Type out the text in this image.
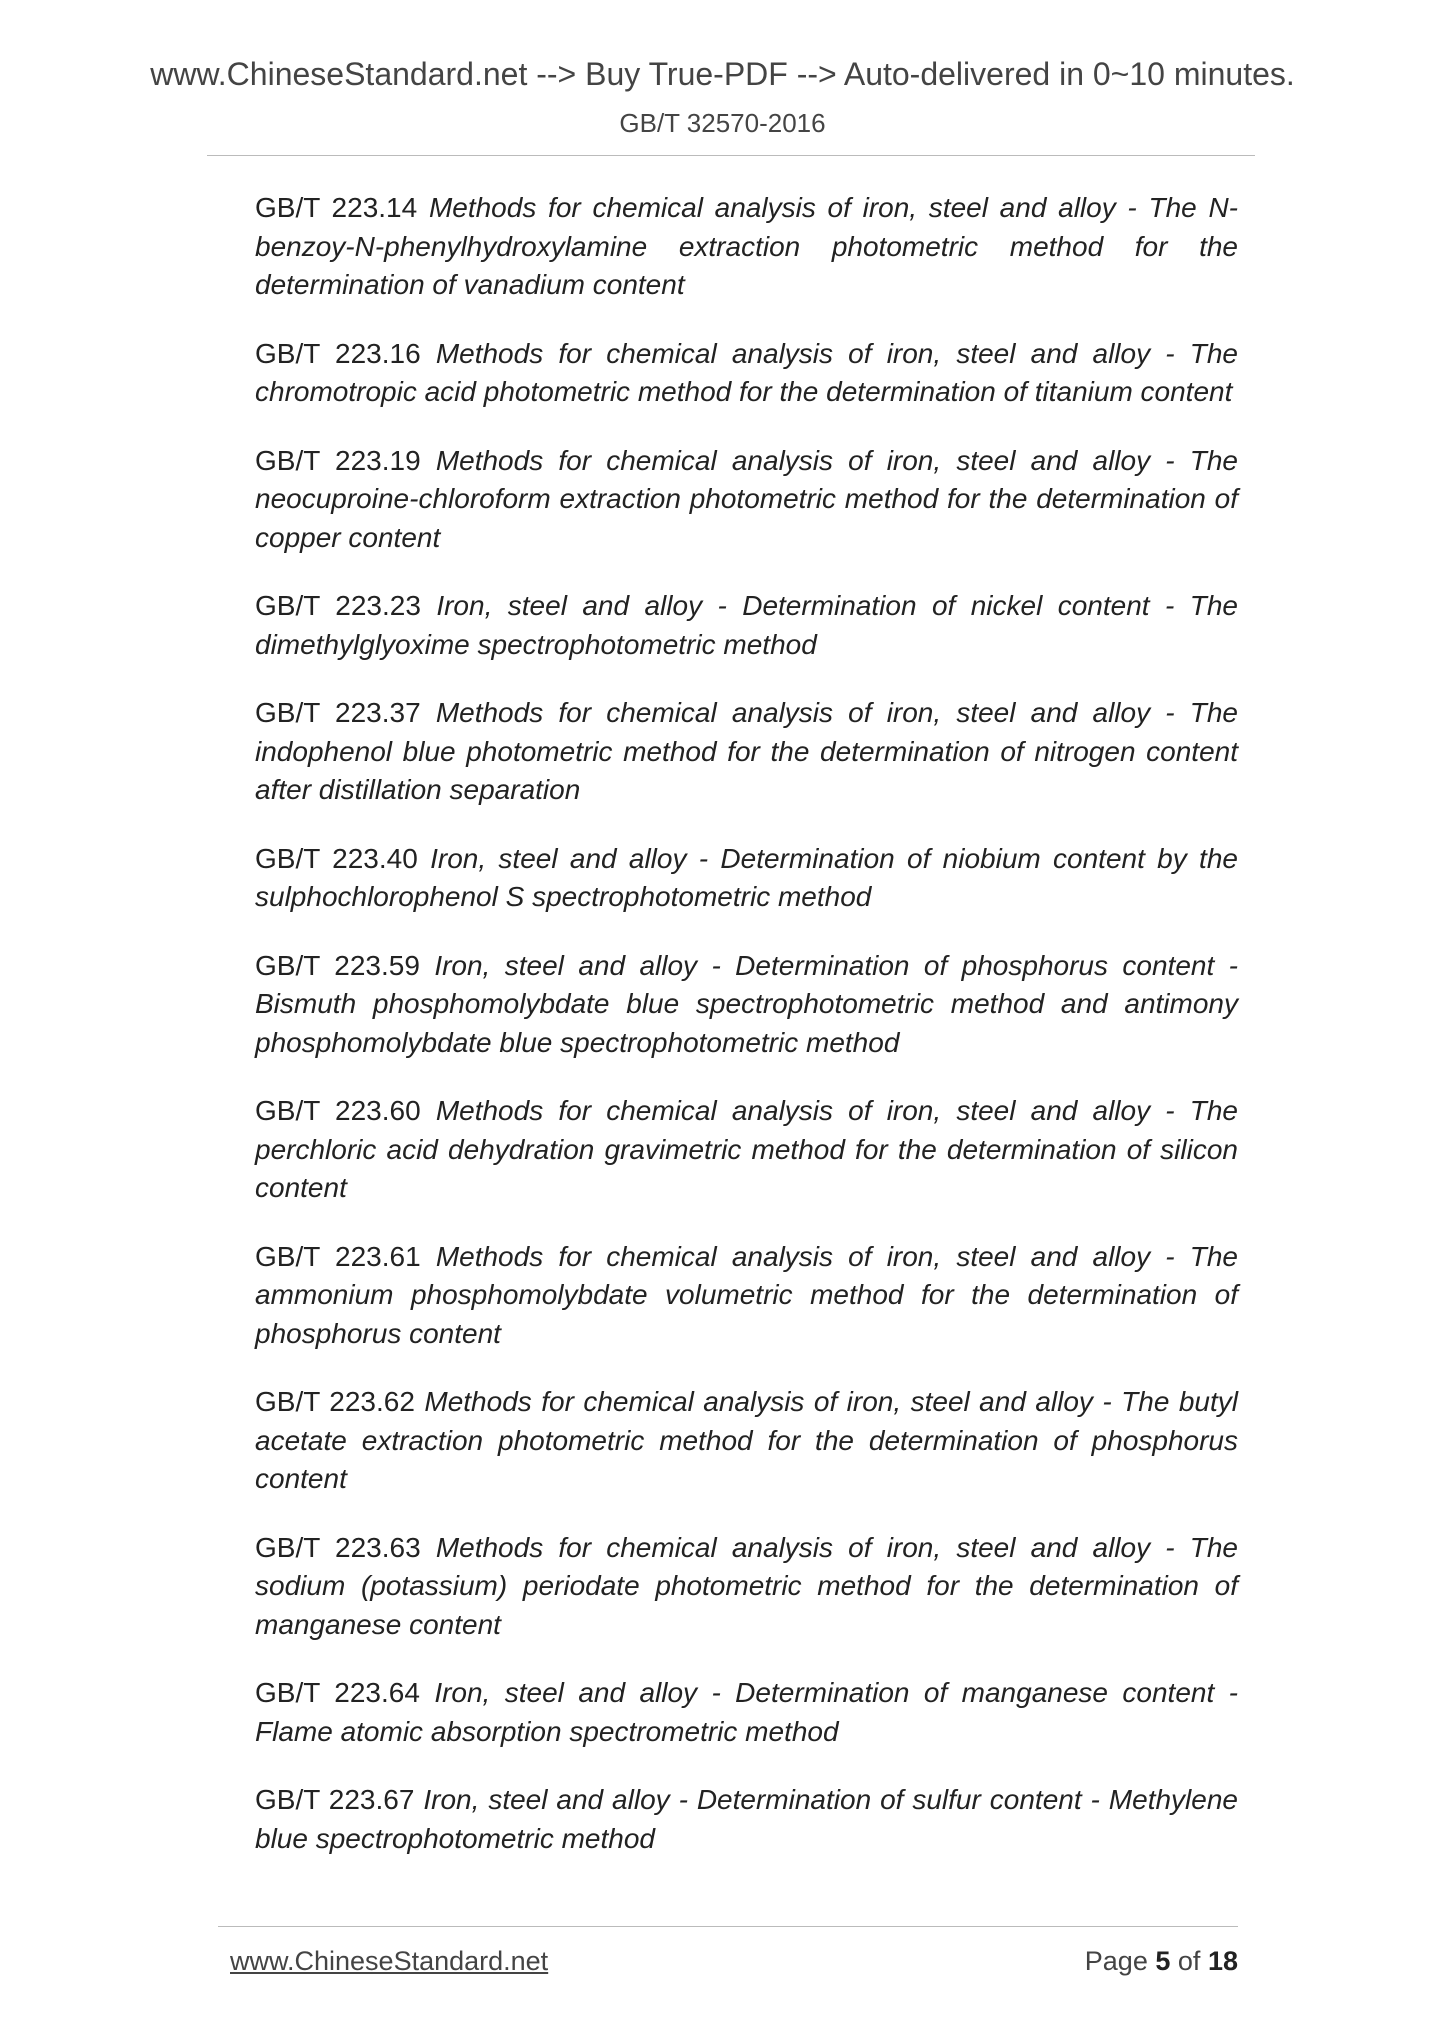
www.ChineseStandard.net --> Buy True-PDF --> Auto-delivered in 0~10 minutes.
GB/T 32570-2016

GB/T 223.14 Methods for chemical analysis of iron, steel and alloy - The N-benzoy-N-phenylhydroxylamine extraction photometric method for the determination of vanadium content

GB/T 223.16 Methods for chemical analysis of iron, steel and alloy - The chromotropic acid photometric method for the determination of titanium content

GB/T 223.19 Methods for chemical analysis of iron, steel and alloy - The neocuproine-chloroform extraction photometric method for the determination of copper content

GB/T 223.23 Iron, steel and alloy - Determination of nickel content - The dimethylglyoxime spectrophotometric method

GB/T 223.37 Methods for chemical analysis of iron, steel and alloy - The indophenol blue photometric method for the determination of nitrogen content after distillation separation

GB/T 223.40 Iron, steel and alloy - Determination of niobium content by the sulphochlorophenol S spectrophotometric method

GB/T 223.59 Iron, steel and alloy - Determination of phosphorus content - Bismuth phosphomolybdate blue spectrophotometric method and antimony phosphomolybdate blue spectrophotometric method

GB/T 223.60 Methods for chemical analysis of iron, steel and alloy - The perchloric acid dehydration gravimetric method for the determination of silicon content

GB/T 223.61 Methods for chemical analysis of iron, steel and alloy - The ammonium phosphomolybdate volumetric method for the determination of phosphorus content

GB/T 223.62 Methods for chemical analysis of iron, steel and alloy - The butyl acetate extraction photometric method for the determination of phosphorus content

GB/T 223.63 Methods for chemical analysis of iron, steel and alloy - The sodium (potassium) periodate photometric method for the determination of manganese content

GB/T 223.64 Iron, steel and alloy - Determination of manganese content - Flame atomic absorption spectrometric method

GB/T 223.67 Iron, steel and alloy - Determination of sulfur content - Methylene blue spectrophotometric method

www.ChineseStandard.net	Page 5 of 18
